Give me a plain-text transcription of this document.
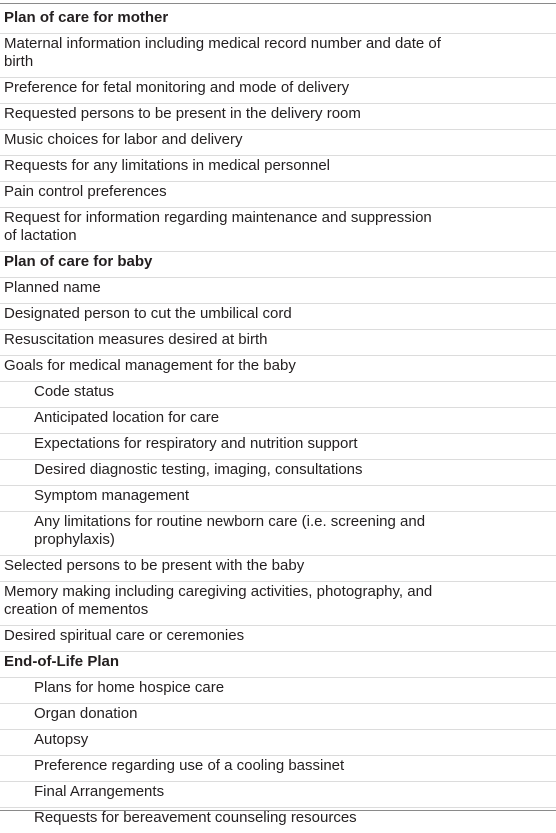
Plan of care for mother
Maternal information including medical record number and date of birth
Preference for fetal monitoring and mode of delivery
Requested persons to be present in the delivery room
Music choices for labor and delivery
Requests for any limitations in medical personnel
Pain control preferences
Request for information regarding maintenance and suppression of lactation
Plan of care for baby
Planned name
Designated person to cut the umbilical cord
Resuscitation measures desired at birth
Goals for medical management for the baby
Code status
Anticipated location for care
Expectations for respiratory and nutrition support
Desired diagnostic testing, imaging, consultations
Symptom management
Any limitations for routine newborn care (i.e. screening and prophylaxis)
Selected persons to be present with the baby
Memory making including caregiving activities, photography, and creation of mementos
Desired spiritual care or ceremonies
End-of-Life Plan
Plans for home hospice care
Organ donation
Autopsy
Preference regarding use of a cooling bassinet
Final Arrangements
Requests for bereavement counseling resources
